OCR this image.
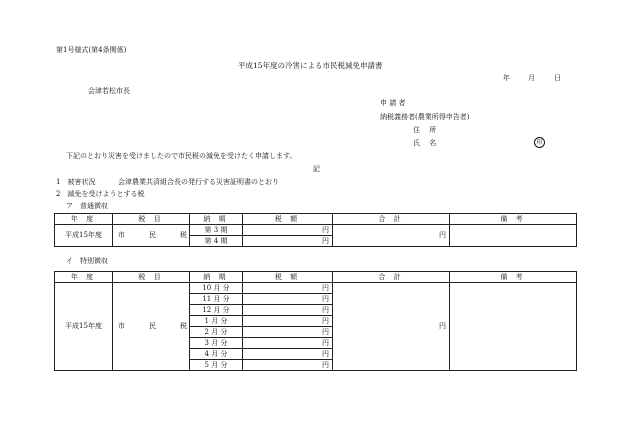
第1号様式(第4条関係)
平成15年度の冷害による市民税減免申請書
年	月	日
会津若松市長
申 請 者
納税義務者(農業所得申告者)
住　 所
氏　 名	印
下記のとおり災害を受けましたので市民税の減免を受けたく申請します。
記
1　被害状況	会津農業共済組合長の発行する災害証明書のとおり
2　減免を受けようとする税
ア　普通徴収
年 度	税 目	納 期	税 額	合 計	備 考
平成15年度	市 民 税	第 3 期	円	円	
		第 4 期	円		
イ　特別徴収
年 度	税 目	納 期	税 額	合 計	備 考
平成15年度	市 民 税	10 月 分	円	円	
		11 月 分	円		
		12 月 分	円		
		1 月 分	円		
		2 月 分	円		
		3 月 分	円		
		4 月 分	円		
		5 月 分	円		
